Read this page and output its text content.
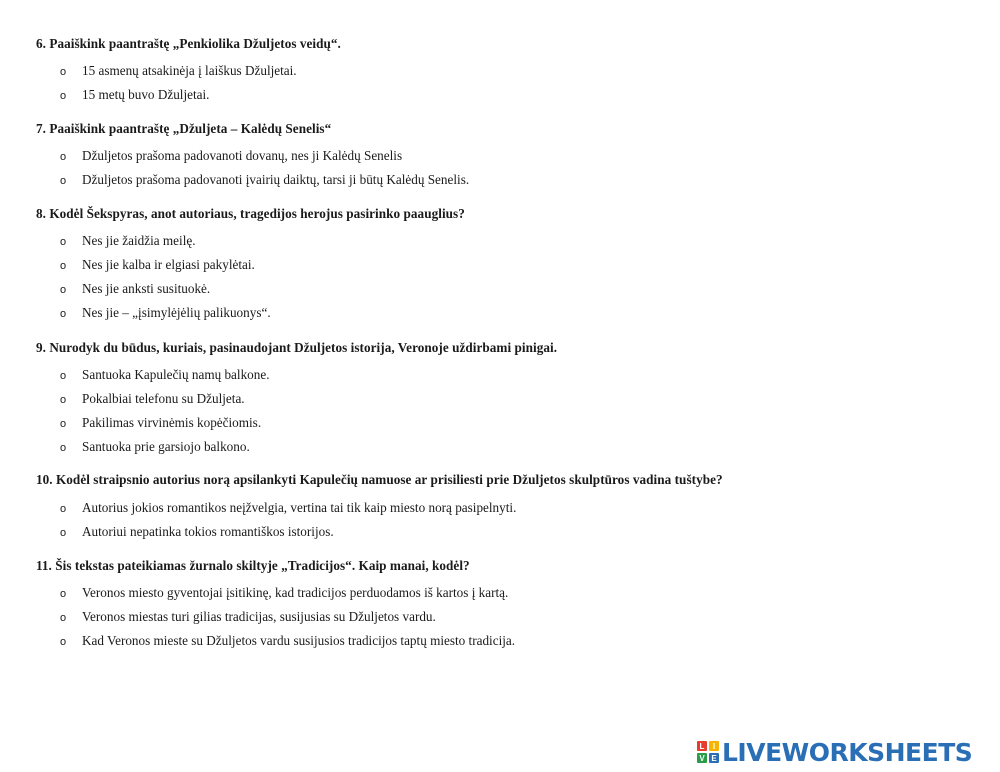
6. Paaiškink paantraštę „Penkiolika Džuljetos veidų“.
o 15 asmenų atsakinėja į laiškus Džuljetai.
o 15 metų buvo Džuljetai.
7. Paaiškink paantraštę „Džuljeta – Kalėdų Senelis“
o Džuljetos prašoma padovanoti dovanų, nes ji Kalėdų Senelis
o Džuljetos prašoma padovanoti įvairių daiktų, tarsi ji būtų Kalėdų Senelis.
8. Kodėl Šekspyras, anot autoriaus, tragedijos herojus pasirinko paauglius?
o Nes jie žaidžia meilę.
o Nes jie kalba ir elgiasi pakylėtai.
o Nes jie anksti susituokė.
o Nes jie – „įsimylėjėlių palikuonys“.
9. Nurodyk du būdus, kuriais, pasinaudojant Džuljetos istorija, Veronoje uždirbami pinigai.
o Santuoka Kapulečių namų balkone.
o Pokalbiai telefonu su Džuljeta.
o Pakilimas virvinėmis kopėčiomis.
o Santuoka prie garsiojo balkono.
10. Kodėl straipsnio autorius norą apsilankyti Kapulečių namuose ar prisiliesti prie Džuljetos skulptūros vadina tuštybe?
o Autorius jokios romantikos neįžvelgia, vertina tai tik kaip miesto norą pasipelnyti.
o Autoriui nepatinka tokios romantiškos istorijos.
11. Šis tekstas pateikiamas žurnalo skiltyje „Tradicijos“. Kaip manai, kodėl?
o Veronos miesto gyventojai įsitikinę, kad tradicijos perduodamos iš kartos į kartą.
o Veronos miestas turi gilias tradicijas, susijusias su Džuljetos vardu.
o Kad Veronos mieste su Džuljetos vardu susijusios tradicijos taptų miesto tradicija.
L	I
V E LIVEWORKSHEETS
